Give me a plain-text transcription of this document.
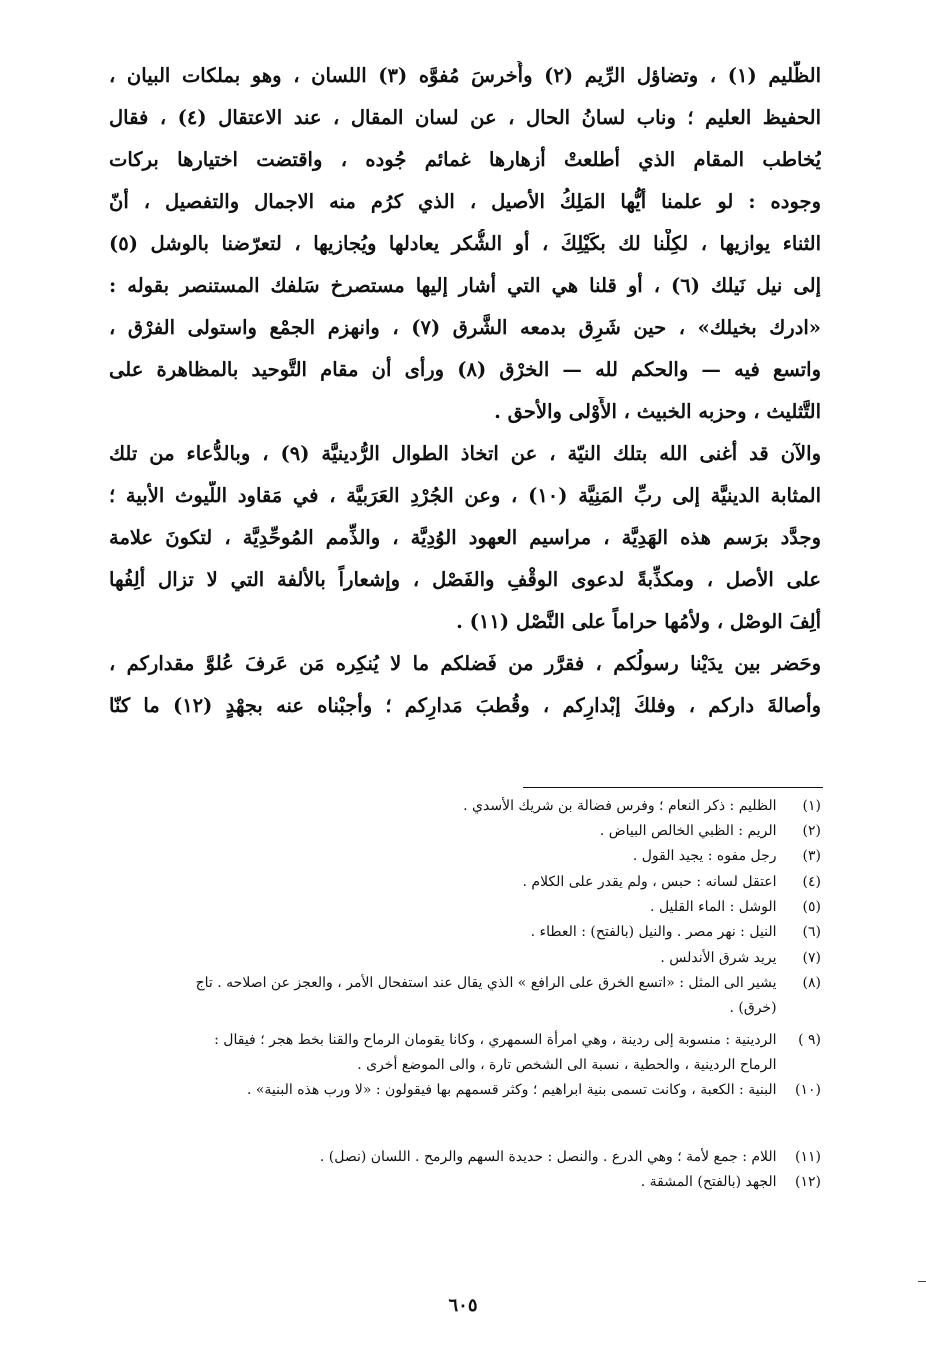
الظَّليم (١) ، وتضاؤل الرِّيم (٢) وأُخرسَ مُفوَّه (٣) اللسان ، وهو بملكات البيان ،
الحفيظ العليم ؛ وناب لسانُ الحال ، عن لسان المقال ، عند الاعتقال (٤) ، فقال
يُخاطب المقام الذي أطلعتْ أزهارها غمائم جُوده ، واقتضت اختيارها بركات
وجوده : لو علمنا أيُّها المَلِكُ الأصيل ، الذي كرُم منه الاجمال والتفصيل ، أنّ
الثناء يوازيها ، لكِلْنا لك بكَيْلِكَ ، أو الشُّكر يعادلها ويُجازيها ، لتعرّضنا بالوشل (٥)
إلى نيل نَيلك (٦) ، أو قلنا هي التي أشار إليها مستصرخ سَلفك المستنصر بقوله :
«ادرك بخيلك» ، حين شَرِق بدمعه الشَّرق (٧) ، وانهزم الجمْع واستولى الفرْق ،
واتسع فيه — والحكم لله — الخرْق (٨) ورأى أن مقام التَّوحيد بالمظاهرة على
التَّثليث ، وحزبه الخبيث ، الأَوْلى والأحق .
والآن قد أغنى الله بتلك النيّة ، عن اتخاذ الطوال الرُّدينيَّة (٩) ، وبالدُّعاء من تلك
المثابة الدينيَّة إلى ربِّ المَنِيَّة (١٠) ، وعن الجُرْدِ العَرَبيَّة ، في مَقاود اللُّيوث الأبية ؛
وجدَّد برَسم هذه الهَدِيَّة ، مراسيم العهود الوُدِيَّة ، والذِّمم المُوحِّدِيَّة ، لتكونَ علامة
على الأصل ، ومكذِّبةً لدعوى الوقْفِ والفَصْل ، وإشعاراً بالألفة التي لا تزال ألِفُها
ألِفَ الوصْل ، ولأمُها حراماً على النَّصْل (١١) .
وحَضر بين يدَيْنا رسولُكم ، فقرَّر من فَضلكم ما لا يُنكِره مَن عَرفَ عُلوَّ مقداركم ،
وأصالةَ داركم ، وفلكَ إبْدارِكم ، وقُطبَ مَدارِكم ؛ وأجبْناه عنه بجهْدٍ (١٢) ما كنّا
(١) الظليم : ذكر النعام ؛ وفرس فضالة بن شريك الأسدي .
(٢) الريم : الظبي الخالص البياض .
(٣) رجل مفوه : يجيد القول .
(٤) اعتقل لسانه : حبس ، ولم يقدر على الكلام .
(٥) الوشل : الماء القليل .
(٦) النيل : نهر مصر . والنيل (بالفتح) : العطاء .
(٧) يريد شرق الأندلس .
(٨) يشير الى المثل : «اتسع الخرق على الرافع » الذي يقال عند استفحال الأمر ، والعجز عن اصلاحه . تاج
(خرق) .
(٩ ) الردينية : منسوبة إلى ردينة ، وهي امرأة السمهري ، وكانا يقومان الرماح والقنا بخط هجر ؛ فيقال :
الرماح الردينية ، والحطية ، نسبة الى الشخص تارة ، والى الموضع أخرى .
(١٠) البنية : الكعبة ، وكانت تسمى بنية ابراهيم ؛ وكثر قسمهم بها فيقولون : «لا ورب هذه البنية» .
(١١) اللام : جمع لأمة ؛ وهي الدرع . والنصل : حديدة السهم والرمح . اللسان (نصل) .
(١٢) الجهد (بالفتح) المشقة .
٦٠٥
